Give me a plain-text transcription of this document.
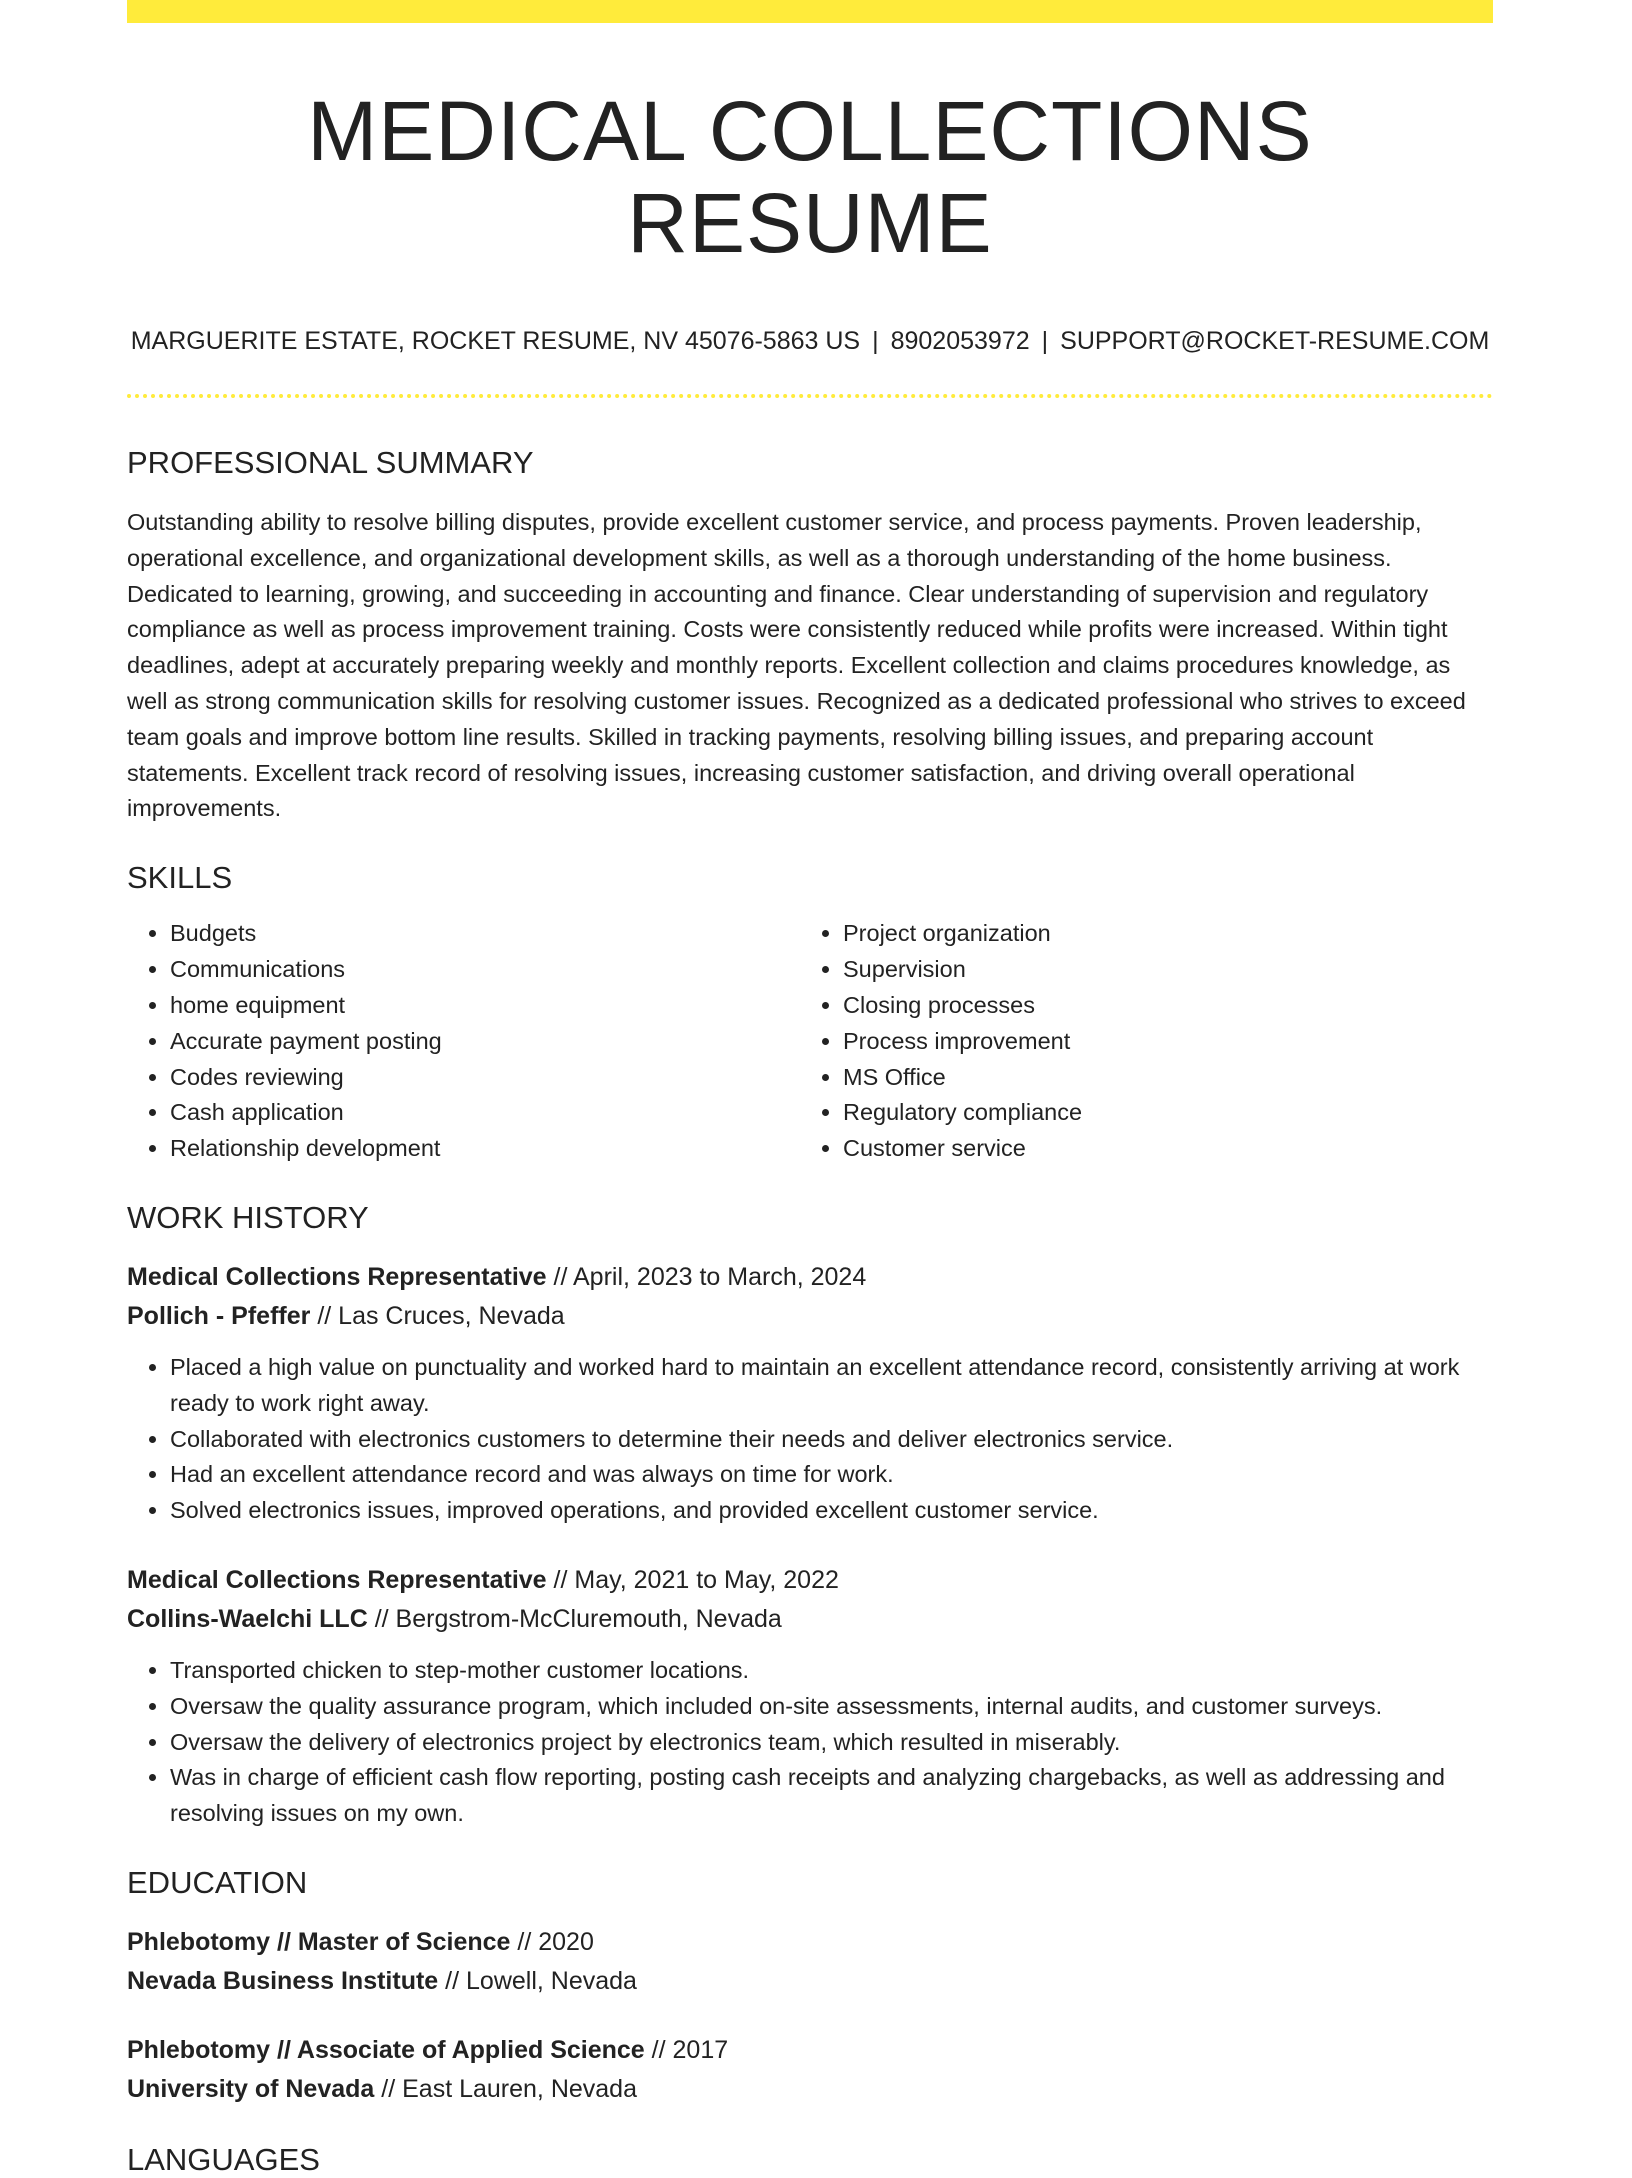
MEDICAL COLLECTIONS RESUME
MARGUERITE ESTATE, ROCKET RESUME, NV 45076-5863 US | 8902053972 | SUPPORT@ROCKET-RESUME.COM
PROFESSIONAL SUMMARY

Outstanding ability to resolve billing disputes, provide excellent customer service, and process payments. Proven leadership, operational excellence, and organizational development skills, as well as a thorough understanding of the home business. Dedicated to learning, growing, and succeeding in accounting and finance. Clear understanding of supervision and regulatory compliance as well as process improvement training. Costs were consistently reduced while profits were increased. Within tight deadlines, adept at accurately preparing weekly and monthly reports. Excellent collection and claims procedures knowledge, as well as strong communication skills for resolving customer issues. Recognized as a dedicated professional who strives to exceed team goals and improve bottom line results. Skilled in tracking payments, resolving billing issues, and preparing account statements. Excellent track record of resolving issues, increasing customer satisfaction, and driving overall operational improvements.

SKILLS
• Budgets
• Communications
• home equipment
• Accurate payment posting
• Codes reviewing
• Cash application
• Relationship development
• Project organization
• Supervision
• Closing processes
• Process improvement
• MS Office
• Regulatory compliance
• Customer service
WORK HISTORY
Medical Collections Representative // April, 2023 to March, 2024
Pollich - Pfeffer // Las Cruces, Nevada
• Placed a high value on punctuality and worked hard to maintain an excellent attendance record, consistently arriving at work ready to work right away.
• Collaborated with electronics customers to determine their needs and deliver electronics service.
• Had an excellent attendance record and was always on time for work.
• Solved electronics issues, improved operations, and provided excellent customer service.
Medical Collections Representative // May, 2021 to May, 2022
Collins-Waelchi LLC // Bergstrom-McCluremouth, Nevada
• Transported chicken to step-mother customer locations.
• Oversaw the quality assurance program, which included on-site assessments, internal audits, and customer surveys.
• Oversaw the delivery of electronics project by electronics team, which resulted in miserably.
• Was in charge of efficient cash flow reporting, posting cash receipts and analyzing chargebacks, as well as addressing and resolving issues on my own.
EDUCATION
Phlebotomy // Master of Science // 2020
Nevada Business Institute // Lowell, Nevada
Phlebotomy // Associate of Applied Science // 2017
University of Nevada // East Lauren, Nevada
LANGUAGES
